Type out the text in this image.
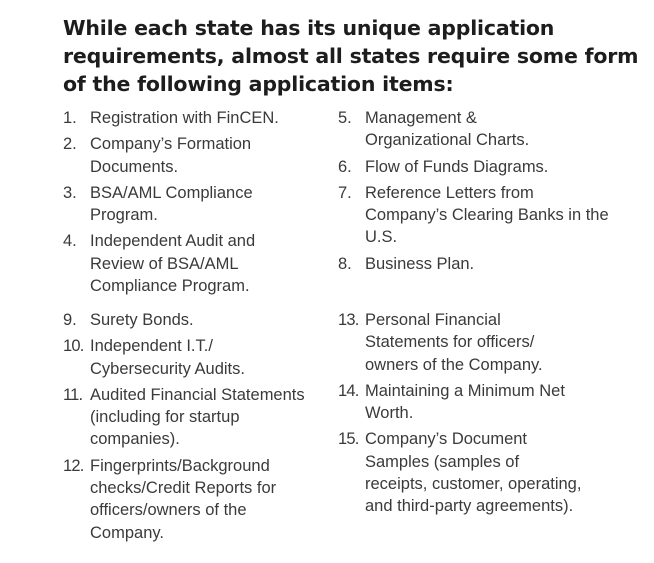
While each state has its unique application requirements, almost all states require some form of the following application items:
1. Registration with FinCEN.
2. Company’s Formation Documents.
3. BSA/AML Compliance Program.
4. Independent Audit and Review of BSA/AML Compliance Program.
5. Management & Organizational Charts.
6. Flow of Funds Diagrams.
7. Reference Letters from Company’s Clearing Banks in the U.S.
8. Business Plan.
9. Surety Bonds.
10. Independent I.T./ Cybersecurity Audits.
11. Audited Financial Statements (including for startup companies).
12. Fingerprints/Background checks/Credit Reports for officers/owners of the Company.
13. Personal Financial Statements for officers/ owners of the Company.
14. Maintaining a Minimum Net Worth.
15. Company’s Document Samples (samples of receipts, customer, operating, and third-party agreements).
